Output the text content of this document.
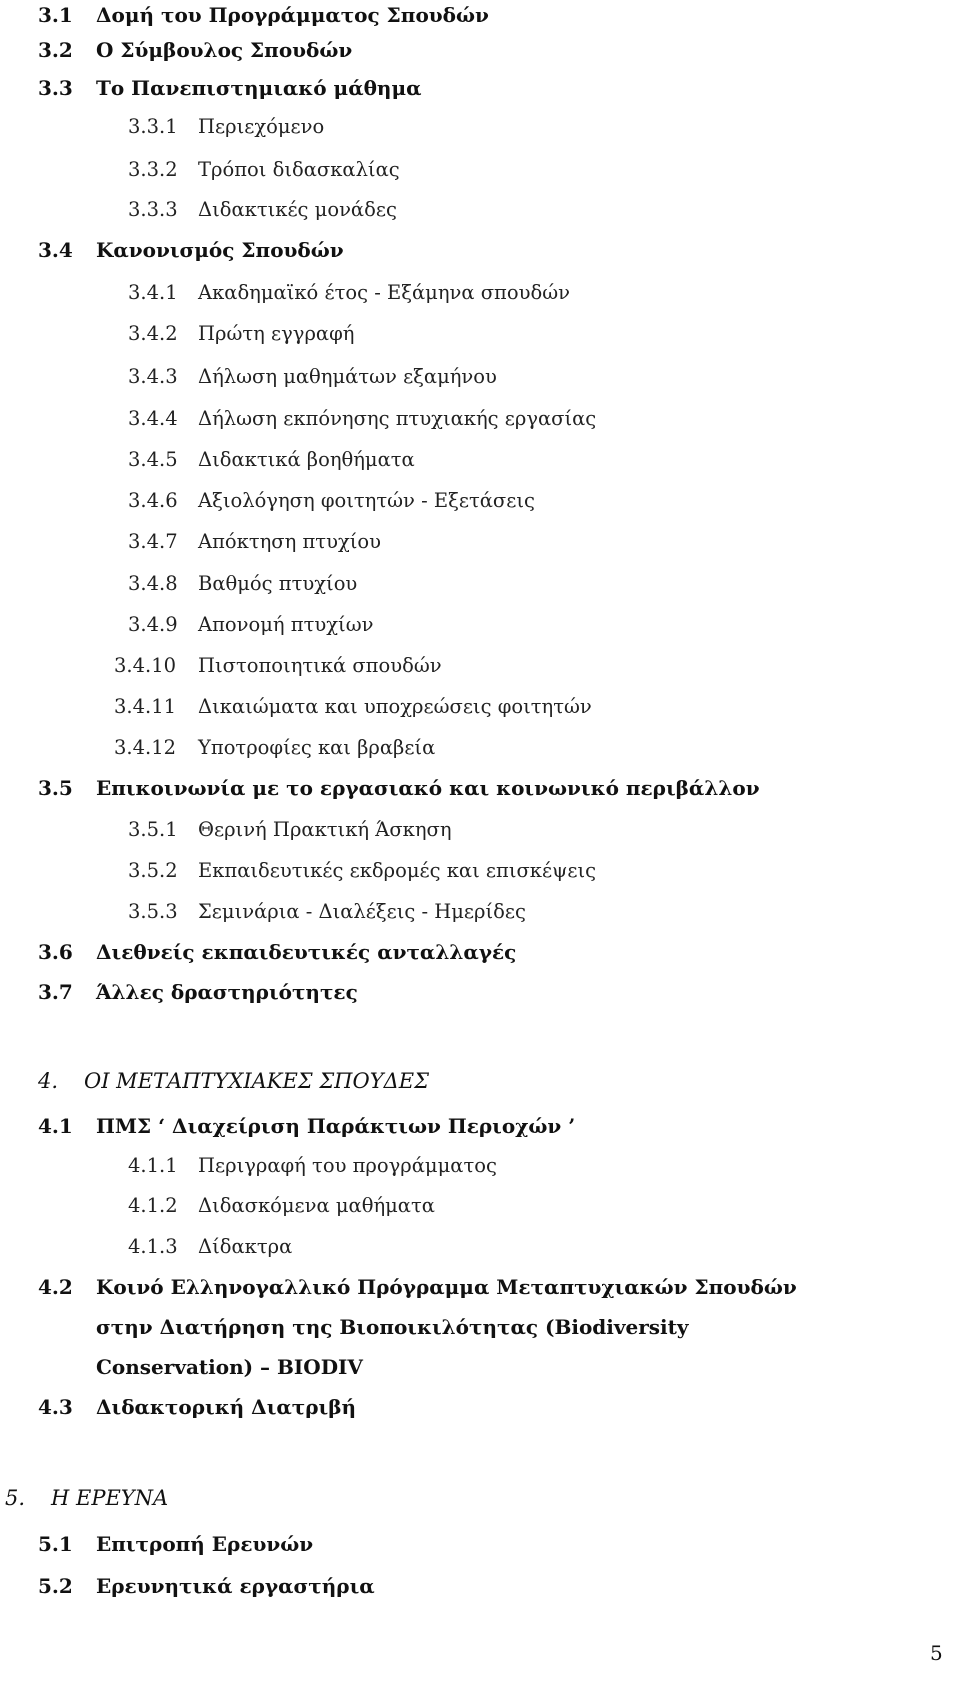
3.1 Δομή του Προγράμματος Σπουδών
3.2 Ο Σύμβουλος Σπουδών
3.3 Το Πανεπιστημιακό μάθημα
3.3.1 Περιεχόμενο
3.3.2 Τρόποι διδασκαλίας
3.3.3 Διδακτικές μονάδες
3.4 Κανονισμός Σπουδών
3.4.1 Ακαδημαϊκό έτος - Εξάμηνα σπουδών
3.4.2 Πρώτη εγγραφή
3.4.3 Δήλωση μαθημάτων εξαμήνου
3.4.4 Δήλωση εκπόνησης πτυχιακής εργασίας
3.4.5 Διδακτικά βοηθήματα
3.4.6 Αξιολόγηση φοιτητών - Εξετάσεις
3.4.7 Απόκτηση πτυχίου
3.4.8 Βαθμός πτυχίου
3.4.9 Απονομή πτυχίων
3.4.10 Πιστοποιητικά σπουδών
3.4.11 Δικαιώματα και υποχρεώσεις φοιτητών
3.4.12 Υποτροφίες και βραβεία
3.5 Επικοινωνία με το εργασιακό και κοινωνικό περιβάλλον
3.5.1 Θερινή Πρακτική Άσκηση
3.5.2 Εκπαιδευτικές εκδρομές και επισκέψεις
3.5.3 Σεμινάρια - Διαλέξεις - Ημερίδες
3.6 Διεθνείς εκπαιδευτικές ανταλλαγές
3.7 Άλλες δραστηριότητες
4. ΟΙ ΜΕΤΑΠΤΥΧΙΑΚΕΣ ΣΠΟΥΔΕΣ
4.1 ΠΜΣ ‘ Διαχείριση Παράκτιων Περιοχών ’
4.1.1 Περιγραφή του προγράμματος
4.1.2 Διδασκόμενα μαθήματα
4.1.3 Δίδακτρα
4.2 Κοινό Ελληνογαλλικό Πρόγραμμα Μεταπτυχιακών Σπουδών
στην Διατήρηση της Βιοποικιλότητας (Biodiversity
Conservation) – BIODIV
4.3 Διδακτορική Διατριβή
5. Η ΕΡΕΥΝΑ
5.1 Επιτροπή Ερευνών
5.2 Ερευνητικά εργαστήρια
5
